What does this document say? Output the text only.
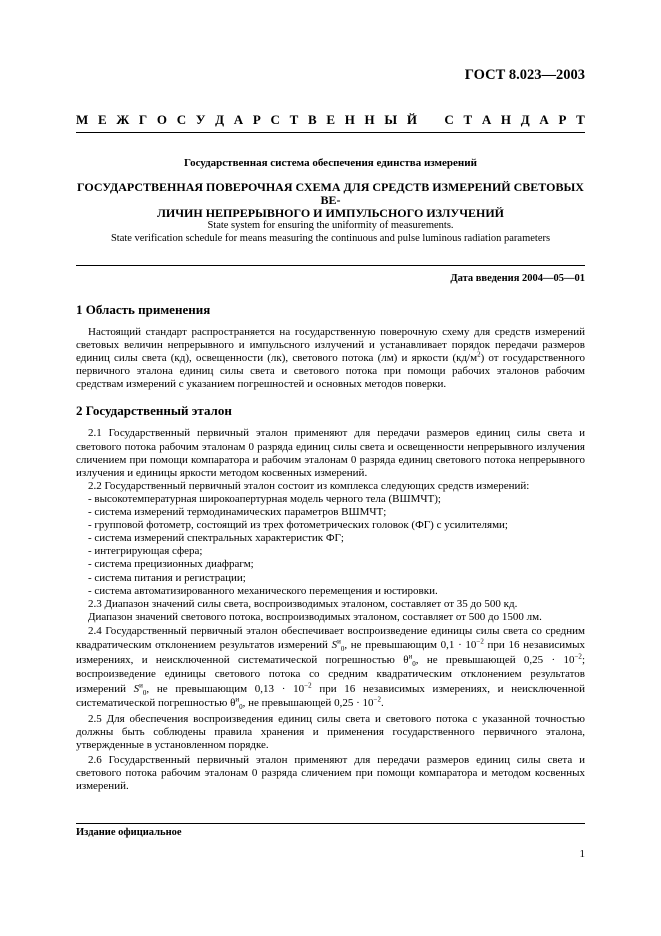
ГОСТ 8.023—2003
М Е Ж Г О С У Д А Р С Т В Е Н Н Ы Й С Т А Н Д А Р Т
Государственная система обеспечения единства измерений
ГОСУДАРСТВЕННАЯ ПОВЕРОЧНАЯ СХЕМА ДЛЯ СРЕДСТВ ИЗМЕРЕНИЙ СВЕТОВЫХ ВЕ-
ЛИЧИН НЕПРЕРЫВНОГО И ИМПУЛЬСНОГО ИЗЛУЧЕНИЙ
State system for ensuring the uniformity of measurements.
State verification schedule for means measuring the continuous and pulse luminous radiation parameters
Дата введения 2004—05—01
1 Область применения

Настоящий стандарт распространяется на государственную поверочную схему для средств измерений световых величин непрерывного и импульсного излучений и устанавливает порядок передачи размеров единиц силы света (кд), освещенности (лк), светового потока (лм) и яркости $(кд/м^2)$ от государственного первичного эталона единиц силы света и светового потока при помощи рабочих эталонов рабочим средствам измерений с указанием погрешностей и основных методов поверки.

2 Государственный эталон

2.1 Государственный первичный эталон применяют для передачи размеров единиц силы света и светового потока рабочим эталонам 0 разряда единиц силы света и освещенности непрерывного излучения сличением при помощи компаратора и рабочим эталонам 0 разряда единиц светового потока непрерывного излучения и единицы яркости методом косвенных измерений.

2.2 Государственный первичный эталон состоит из комплекса следующих средств измерений:

- высокотемпературная широкоапертурная модель черного тела (ВШМЧТ);

- система измерений термодинамических параметров ВШМЧТ;

- групповой фотометр, состоящий из трех фотометрических головок (ФГ) с усилителями;

- система измерений спектральных характеристик ФГ;

- интегрирующая сфера;

- система прецизионных диафрагм;

- система питания и регистрации;

- система автоматизированного механического перемещения и юстировки.

2.3 Диапазон значений силы света, воспроизводимых эталоном, составляет от 35 до 500 кд.

Диапазон значений светового потока, воспроизводимых эталоном, составляет от 500 до 1500 лм.

2.4 Государственный первичный эталон обеспечивает воспроизведение единицы силы света со средним квадратическим отклонением результатов измерений $S^и_0$, не превышающим $0,1 \cdot 10^{-2}$ при 16 независимых измерениях, и неисключенной систематической погрешностью $\theta^и_0$, не превышающей $0,25 \cdot 10^{-2}$; воспроизведение единицы светового потока со средним квадратическим отклонением результатов измерений $S^и_0$, не превышающим $0,13 \cdot 10^{-2}$ при 16 независимых измерениях, и неисключенной систематической погрешностью $\theta^и_0$, не превышающей $0,25 \cdot 10^{-2}$.

2.5 Для обеспечения воспроизведения единиц силы света и светового потока с указанной точностью должны быть соблюдены правила хранения и применения государственного первичного эталона, утвержденные в установленном порядке.

2.6 Государственный первичный эталон применяют для передачи размеров единиц силы света и светового потока рабочим эталонам 0 разряда сличением при помощи компаратора и методом косвенных измерений.

Издание официальное
1
